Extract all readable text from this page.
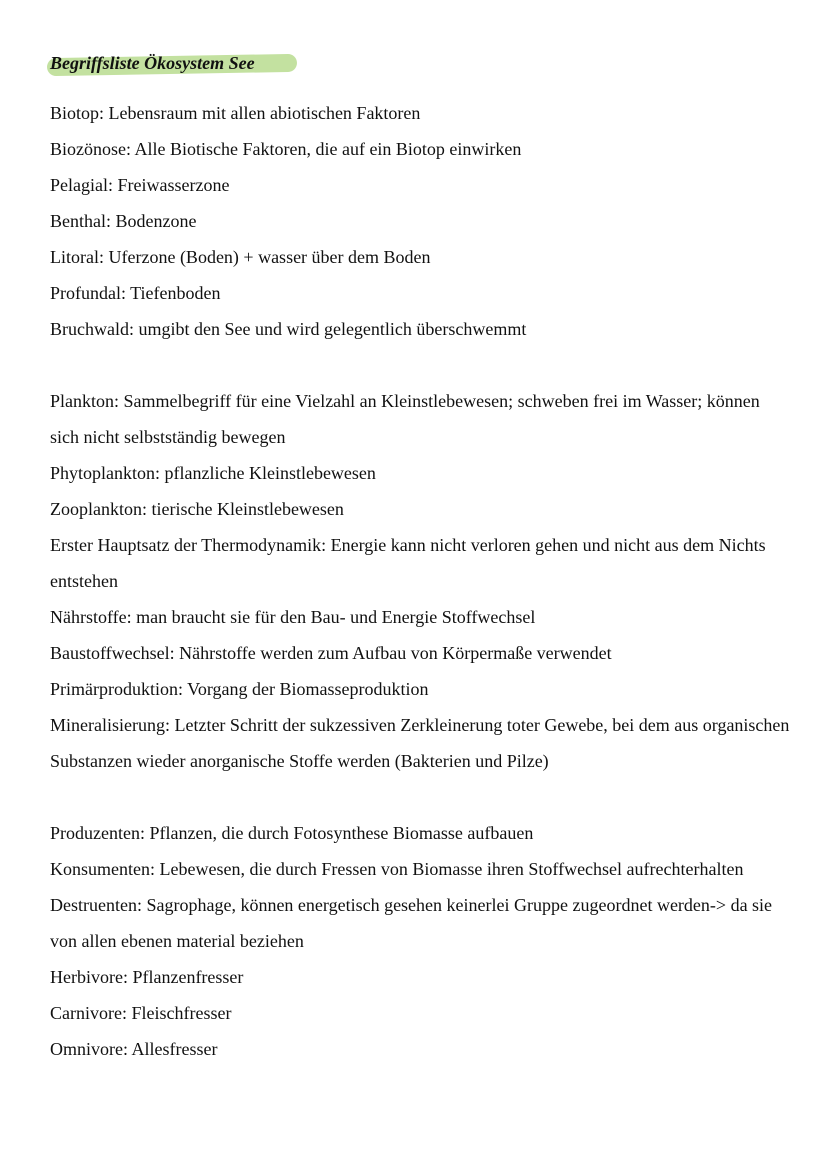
Begriffsliste Ökosystem See

Biotop: Lebensraum mit allen abiotischen Faktoren

Biozönose: Alle Biotische Faktoren, die auf ein Biotop einwirken

Pelagial: Freiwasserzone

Benthal: Bodenzone

Litoral: Uferzone (Boden) + wasser über dem Boden

Profundal: Tiefenboden

Bruchwald: umgibt den See und wird gelegentlich überschwemmt

Plankton: Sammelbegriff für eine Vielzahl an Kleinstlebewesen; schweben frei im Wasser; können sich nicht selbstständig bewegen

Phytoplankton: pflanzliche Kleinstlebewesen

Zooplankton: tierische Kleinstlebewesen

Erster Hauptsatz der Thermodynamik: Energie kann nicht verloren gehen und nicht aus dem Nichts entstehen

Nährstoffe: man braucht sie für den Bau- und Energie Stoffwechsel

Baustoffwechsel: Nährstoffe werden zum Aufbau von Körpermaße verwendet

Primärproduktion: Vorgang der Biomasseproduktion

Mineralisierung: Letzter Schritt der sukzessiven Zerkleinerung toter Gewebe, bei dem aus organischen Substanzen wieder anorganische Stoffe werden (Bakterien und Pilze)

Produzenten: Pflanzen, die durch Fotosynthese Biomasse aufbauen

Konsumenten: Lebewesen, die durch Fressen von Biomasse ihren Stoffwechsel aufrechterhalten

Destruenten: Sagrophage, können energetisch gesehen keinerlei Gruppe zugeordnet werden-> da sie von allen ebenen material beziehen

Herbivore: Pflanzenfresser

Carnivore: Fleischfresser

Omnivore: Allesfresser
